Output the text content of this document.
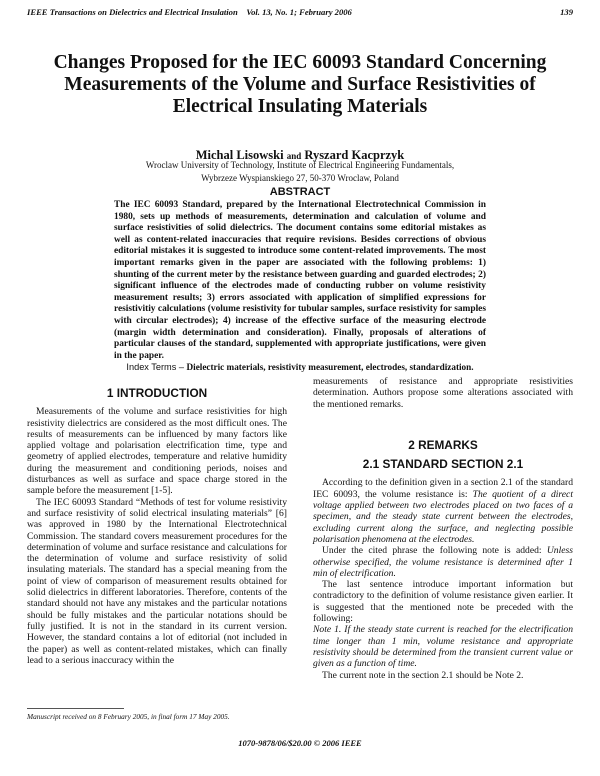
IEEE Transactions on Dielectrics and Electrical Insulation    Vol. 13, No. 1; February 2006	139
Changes Proposed for the IEC 60093 Standard Concerning
Measurements of the Volume and Surface Resistivities of
Electrical Insulating Materials
Michal Lisowski and Ryszard Kacprzyk
Wroclaw University of Technology, Institute of Electrical Engineering Fundamentals,
Wybrzeze Wyspianskiego 27, 50-370 Wroclaw, Poland
ABSTRACT
The IEC 60093 Standard, prepared by the International Electrotechnical Commission in 1980, sets up methods of measurements, determination and calculation of volume and surface resistivities of solid dielectrics. The document contains some editorial mistakes as well as content-related inaccuracies that require revisions. Besides corrections of obvious editorial mistakes it is suggested to introduce some content-related improvements. The most important remarks given in the paper are associated with the following problems: 1) shunting of the current meter by the resistance between guarding and guarded electrodes; 2) significant influence of the electrodes made of conducting rubber on volume resistivity measurement results; 3) errors associated with application of simplified expressions for resistivitiy calculations (volume resistivity for tubular samples, surface resistivity for samples with circular electrodes); 4) increase of the effective surface of the measuring electrode (margin width determination and consideration). Finally, proposals of alterations of particular clauses of the standard, supplemented with appropriate justifications, were given in the paper.
Index Terms – Dielectric materials, resistivity measurement, electrodes, standardization.
1 INTRODUCTION

Measurements of the volume and surface resistivities for high resistivity dielectrics are considered as the most difficult ones. The results of measurements can be influenced by many factors like applied voltage and polarisation electrification time, type and geometry of applied electrodes, temperature and relative humidity during the measurement and conditioning periods, noises and disturbances as well as surface and space charge stored in the sample before the measurement [1-5].

The IEC 60093 Standard “Methods of test for volume resistivity and surface resistivity of solid electrical insulating materials” [6] was approved in 1980 by the International Electrotechnical Commission. The standard covers measurement procedures for the determination of volume and surface resistance and calculations for the determination of volume and surface resistivity of solid insulating materials. The standard has a special meaning from the point of view of comparison of measurement results obtained for solid dielectrics in different laboratories. Therefore, contents of the standard should not have any mistakes and the particular notations should be fully mistakes and the particular notations should be fully justified. It is not in the standard in its current version. However, the standard contains a lot of editorial (not included in the paper) as well as content-related mistakes, which can finally lead to a serious inaccuracy within the

measurements of resistance and appropriate resistivities determination. Authors propose some alterations associated with the mentioned remarks.

2 REMARKS
2.1 STANDARD SECTION 2.1

According to the definition given in a section 2.1 of the standard IEC 60093, the volume resistance is: The quotient of a direct voltage applied between two electrodes placed on two faces of a specimen, and the steady state current between the electrodes, excluding current along the surface, and neglecting possible polarisation phenomena at the electrodes.

Under the cited phrase the following note is added: Unless otherwise specified, the volume resistance is determined after 1 min of electrification.

The last sentence introduce important information but contradictory to the definition of volume resistance given earlier. It is suggested that the mentioned note be preceded with the following:

Note 1. If the steady state current is reached for the electrification time longer than 1 min, volume resistance and appropriate resistivity should be determined from the transient current value or given as a function of time.

The current note in the section 2.1 should be Note 2.

Manuscript received on 8 February 2005, in final form 17 May 2005.
1070-9878/06/$20.00 © 2006 IEEE
